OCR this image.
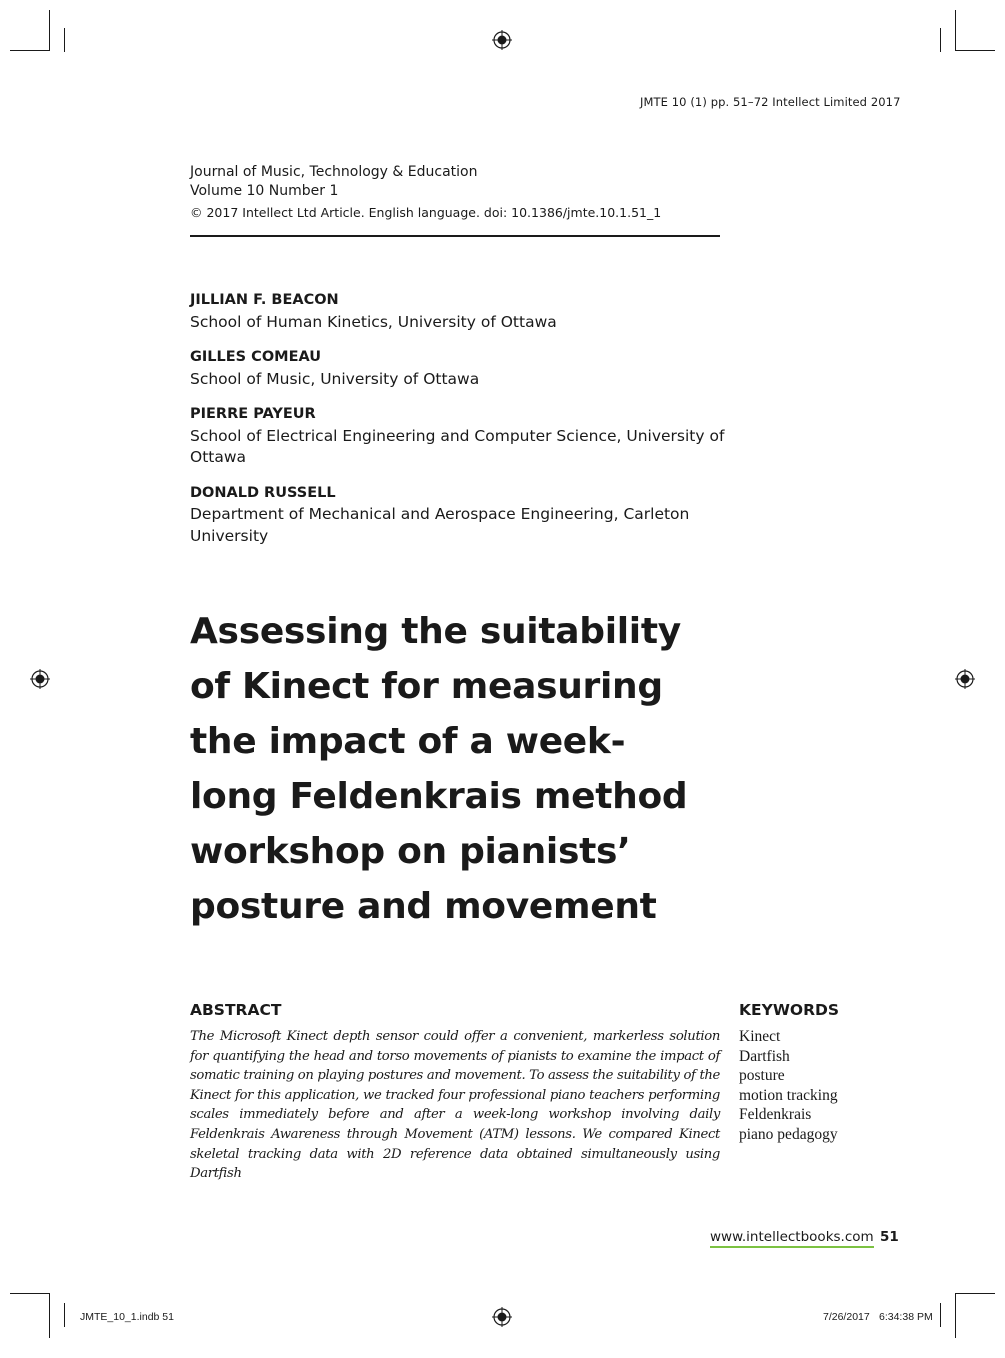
JMTE 10 (1) pp. 51–72 Intellect Limited 2017
Journal of Music, Technology & Education
Volume 10 Number 1
© 2017 Intellect Ltd Article. English language. doi: 10.1386/jmte.10.1.51_1
JILLIAN F. BEACON
School of Human Kinetics, University of Ottawa
GILLES COMEAU
School of Music, University of Ottawa
PIERRE PAYEUR
School of Electrical Engineering and Computer Science, University of Ottawa
DONALD RUSSELL
Department of Mechanical and Aerospace Engineering, Carleton University
Assessing the suitability
of Kinect for measuring
the impact of a week-
long Feldenkrais method
workshop on pianists’
posture and movement
ABSTRACT
The Microsoft Kinect depth sensor could offer a convenient, markerless solution for quantifying the head and torso movements of pianists to examine the impact of somatic training on playing postures and movement. To assess the suitability of the Kinect for this application, we tracked four professional piano teachers performing scales immediately before and after a week-long workshop involving daily Feldenkrais Awareness through Movement (ATM) lessons. We compared Kinect skeletal tracking data with 2D reference data obtained simultaneously using Dartfish
KEYWORDS
Kinect
Dartfish
posture
motion tracking
Feldenkrais
piano pedagogy
www.intellectbooks.com 51
JMTE_10_1.indb 51	7/26/2017 6:34:38 PM
